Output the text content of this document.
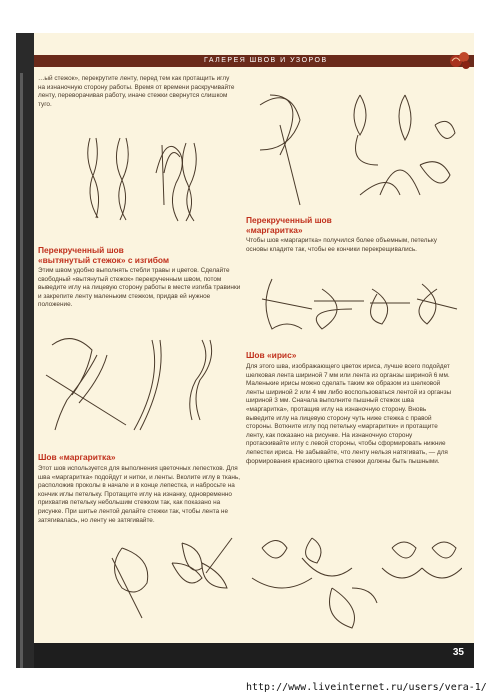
ГАЛЕРЕЯ ШВОВ И УЗОРОВ

…ый стежок», перекрутите ленту, перед тем как протащить иглу на изнаночную сторону работы. Время от времени раскручивайте ленту, переворачивая работу, иначе стежки свернутся слишком туго.

Перекрученный шов
«вытянутый стежок» с изгибом

Этим швом удобно выполнять стебли травы и цветов. Сделайте свободный «вытянутый стежок» перекрученным швом, потом выведите иглу на лицевую сторону работы в месте изгиба травинки и закрепите ленту маленьким стежком, придав ей нужное положение.

Шов «маргаритка»

Этот шов используется для выполнения цветочных лепестков. Для шва «маргаритка» подойдут и нитки, и ленты. Вколите иглу в ткань, расположив проколы в начале и в конце лепестка, и набросьте на кончик иглы петельку. Протащите иглу на изнанку, одновременно прихватив петельку небольшим стежком так, как показано на рисунке. При шитье лентой делайте стежки так, чтобы лента не затягивалась, но ленту не затягивайте.

Перекрученный шов
«маргаритка»

Чтобы шов «маргаритка» получился более объемным, петельку основы кладите так, чтобы ее кончики перекрещивались.

Шов «ирис»

Для этого шва, изображающего цветок ириса, лучше всего подойдет шелковая лента шириной 7 мм или лента из органзы шириной 6 мм. Маленькие ирисы можно сделать таким же образом из шелковой ленты шириной 2 или 4 мм либо воспользоваться лентой из органзы шириной 3 мм. Сначала выполните пышный стежок шва «маргаритка», протащив иглу на изнаночную сторону. Вновь выведите иглу на лицевую сторону чуть ниже стежка с правой стороны. Воткните иглу под петельку «маргаритки» и протащите ленту, как показано на рисунке. На изнаночную сторону протаскивайте иглу с левой стороны, чтобы сформировать нижние лепестки ириса. Не забывайте, что ленту нельзя натягивать, — для формирования красивого цветка стежки должны быть пышными.

35
http://www.liveinternet.ru/users/vera-1/
